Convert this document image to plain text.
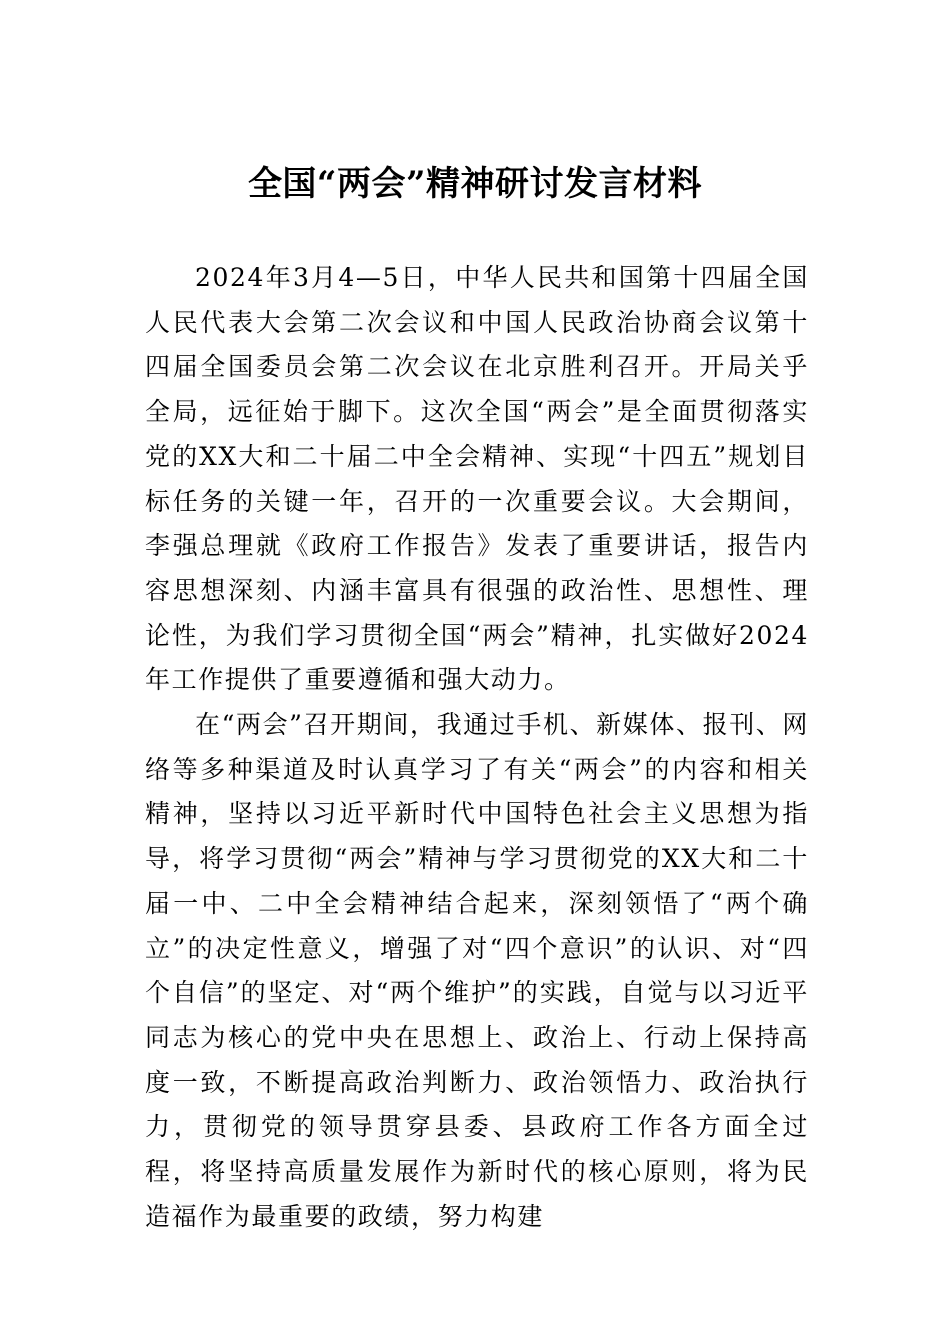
全国“两会”精神研讨发言材料

2024年3月4—5日，中华人民共和国第十四届全国人民代表大会第二次会议和中国人民政治协商会议第十四届全国委员会第二次会议在北京胜利召开。开局关乎全局，远征始于脚下。这次全国“两会”是全面贯彻落实党的XX大和二十届二中全会精神、实现“十四五”规划目标任务的关键一年，召开的一次重要会议。大会期间，李强总理就《政府工作报告》发表了重要讲话，报告内容思想深刻、内涵丰富具有很强的政治性、思想性、理论性，为我们学习贯彻全国“两会”精神，扎实做好2024年工作提供了重要遵循和强大动力。

在“两会”召开期间，我通过手机、新媒体、报刊、网络等多种渠道及时认真学习了有关“两会”的内容和相关精神，坚持以习近平新时代中国特色社会主义思想为指导，将学习贯彻“两会”精神与学习贯彻党的XX大和二十届一中、二中全会精神结合起来，深刻领悟了“两个确立”的决定性意义，增强了对“四个意识”的认识、对“四个自信”的坚定、对“两个维护”的实践，自觉与以习近平同志为核心的党中央在思想上、政治上、行动上保持高度一致，不断提高政治判断力、政治领悟力、政治执行力，贯彻党的领导贯穿县委、县政府工作各方面全过程，将坚持高质量发展作为新时代的核心原则，将为民造福作为最重要的政绩，努力构建
